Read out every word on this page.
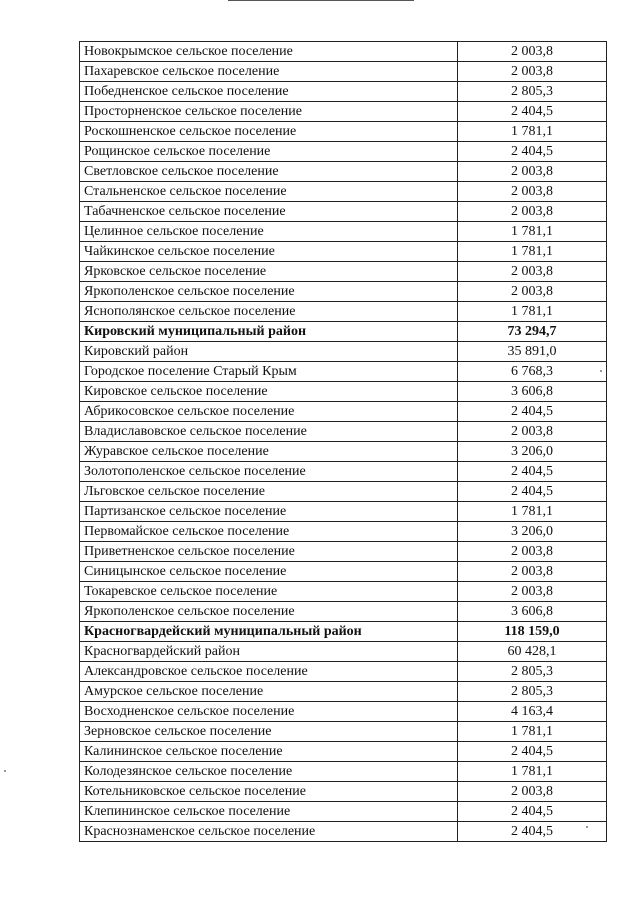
Новокрымское сельское поселение	2 003,8
Пахаревское сельское поселение	2 003,8
Победненское сельское поселение	2 805,3
Просторненское сельское поселение	2 404,5
Роскошненское сельское поселение	1 781,1
Рощинское сельское поселение	2 404,5
Светловское сельское поселение	2 003,8
Стальненское сельское поселение	2 003,8
Табачненское сельское поселение	2 003,8
Целинное сельское поселение	1 781,1
Чайкинское сельское поселение	1 781,1
Ярковское сельское поселение	2 003,8
Яркополенское сельское поселение	2 003,8
Яснополянское сельское поселение	1 781,1
Кировский муниципальный район	73 294,7
Кировский район	35 891,0
Городское поселение Старый Крым	6 768,3
Кировское сельское поселение	3 606,8
Абрикосовское сельское поселение	2 404,5
Владиславовское сельское поселение	2 003,8
Журавское сельское поселение	3 206,0
Золотополенское сельское поселение	2 404,5
Льговское сельское поселение	2 404,5
Партизанское сельское поселение	1 781,1
Первомайское сельское поселение	3 206,0
Приветненское сельское поселение	2 003,8
Синицынское сельское поселение	2 003,8
Токаревское сельское поселение	2 003,8
Яркополенское сельское поселение	3 606,8
Красногвардейский муниципальный район	118 159,0
Красногвардейский район	60 428,1
Александровское сельское поселение	2 805,3
Амурское сельское поселение	2 805,3
Восходненское сельское поселение	4 163,4
Зерновское сельское поселение	1 781,1
Калининское сельское поселение	2 404,5
Колодезянское сельское поселение	1 781,1
Котельниковское сельское поселение	2 003,8
Клепининское сельское поселение	2 404,5
Краснознаменское сельское поселение	2 404,5
